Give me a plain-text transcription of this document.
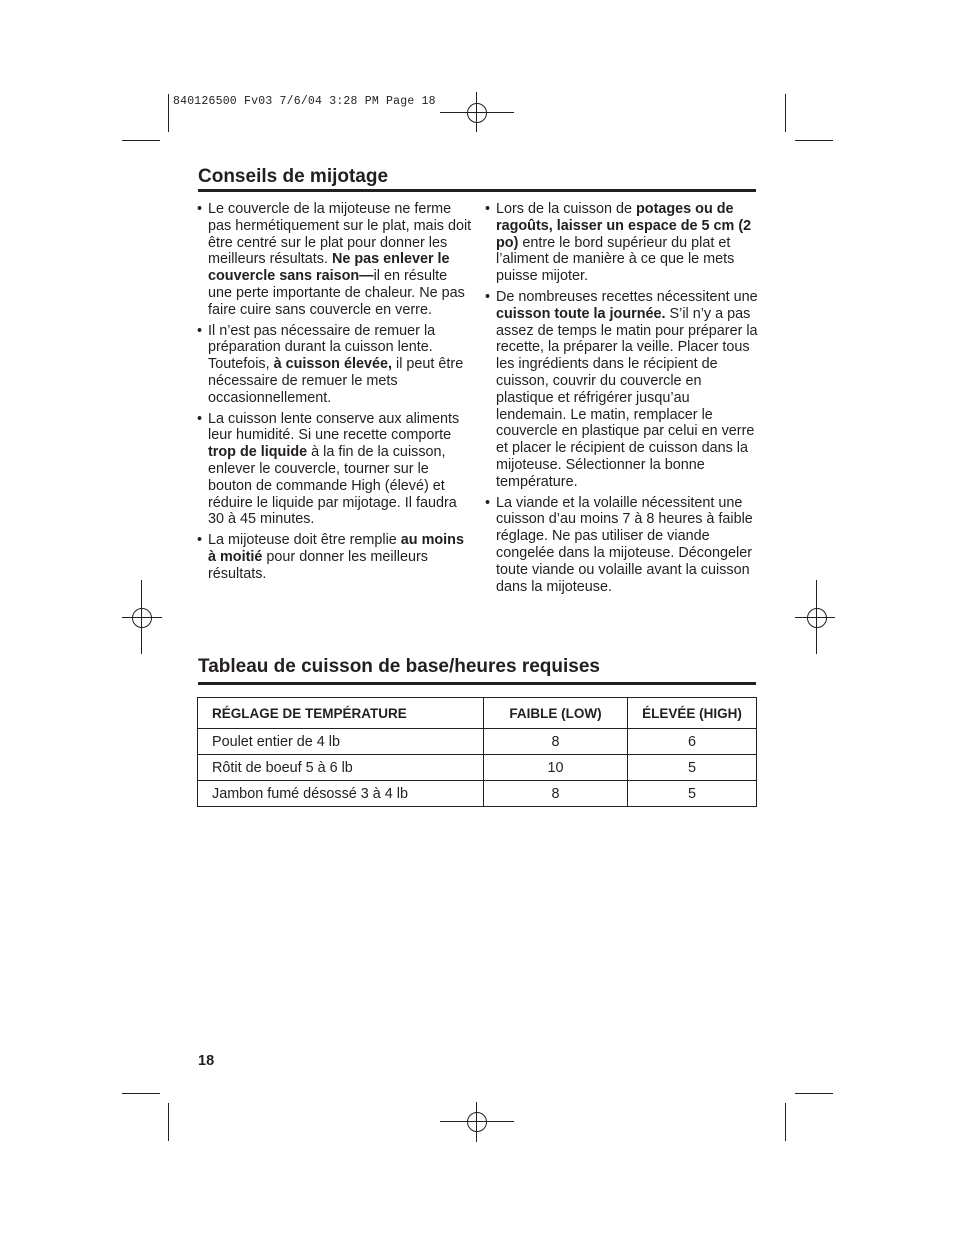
840126500 Fv03 7/6/04 3:28 PM Page 18
Conseils de mijotage
• Le couvercle de la mijoteuse ne ferme pas hermétiquement sur le plat, mais doit être centré sur le plat pour donner les meilleurs résultats. Ne pas enlever le couvercle sans raison—il en résulte une perte importante de chaleur. Ne pas faire cuire sans couvercle en verre.
• Il n’est pas nécessaire de remuer la préparation durant la cuisson lente. Toutefois, à cuisson élevée, il peut être nécessaire de remuer le mets occasionnellement.
• La cuisson lente conserve aux aliments leur humidité. Si une recette comporte trop de liquide à la fin de la cuisson, enlever le couvercle, tourner sur le bouton de commande High (élevé) et réduire le liquide par mijotage. Il faudra 30 à 45 minutes.
• La mijoteuse doit être remplie au moins à moitié pour donner les meilleurs résultats.
• Lors de la cuisson de potages ou de ragoûts, laisser un espace de 5 cm (2 po) entre le bord supérieur du plat et l’aliment de manière à ce que le mets puisse mijoter.
• De nombreuses recettes nécessitent une cuisson toute la journée. S’il n’y a pas assez de temps le matin pour préparer la recette, la préparer la veille. Placer tous les ingrédients dans le récipient de cuisson, couvrir du couvercle en plastique et réfrigérer jusqu’au lendemain. Le matin, remplacer le couvercle en plastique par celui en verre et placer le récipient de cuisson dans la mijoteuse. Sélectionner la bonne température.
• La viande et la volaille nécessitent une cuisson d’au moins 7 à 8 heures à faible réglage. Ne pas utiliser de viande congelée dans la mijoteuse. Décongeler toute viande ou volaille avant la cuisson dans la mijoteuse.
Tableau de cuisson de base/heures requises
RÉGLAGE DE TEMPÉRATURE	FAIBLE (LOW)	ÉLEVÉE (HIGH)
Poulet entier de 4 lb	8	6
Rôtit de boeuf 5 à 6 lb	10	5
Jambon fumé désossé 3 à 4 lb	8	5
18
